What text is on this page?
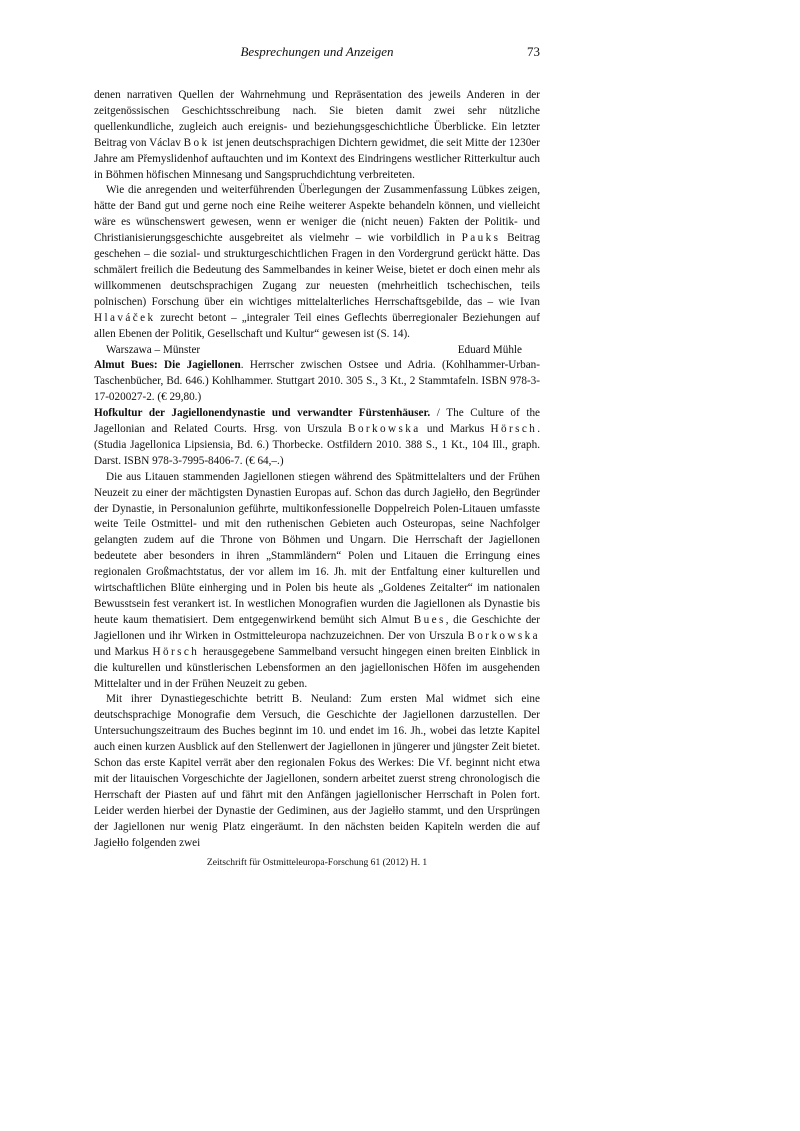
Besprechungen und Anzeigen	73

denen narrativen Quellen der Wahrnehmung und Repräsentation des jeweils Anderen in der zeitgenössischen Geschichtsschreibung nach. Sie bieten damit zwei sehr nützliche quellenkundliche, zugleich auch ereignis- und beziehungsgeschichtliche Überblicke. Ein letzter Beitrag von Václav Bok ist jenen deutschsprachigen Dichtern gewidmet, die seit Mitte der 1230er Jahre am Přemyslidenhof auftauchten und im Kontext des Eindringens westlicher Ritterkultur auch in Böhmen höfischen Minnesang und Sangspruchdichtung verbreiteten.

Wie die anregenden und weiterführenden Überlegungen der Zusammenfassung Lübkes zeigen, hätte der Band gut und gerne noch eine Reihe weiterer Aspekte behandeln können, und vielleicht wäre es wünschenswert gewesen, wenn er weniger die (nicht neuen) Fakten der Politik- und Christianisierungsgeschichte ausgebreitet als vielmehr – wie vorbildlich in Pauks Beitrag geschehen – die sozial- und strukturgeschichtlichen Fragen in den Vordergrund gerückt hätte. Das schmälert freilich die Bedeutung des Sammelbandes in keiner Weise, bietet er doch einen mehr als willkommenen deutschsprachigen Zugang zur neuesten (mehrheitlich tschechischen, teils polnischen) Forschung über ein wichtiges mittelalterliches Herrschaftsgebilde, das – wie Ivan Hlaváček zurecht betont – „integraler Teil eines Geflechts überregionaler Beziehungen auf allen Ebenen der Politik, Gesellschaft und Kultur“ gewesen ist (S. 14).

Warszawa – Münster	Eduard Mühle

Almut Bues: Die Jagiellonen. Herrscher zwischen Ostsee und Adria. (Kohlhammer-Urban-Taschenbücher, Bd. 646.) Kohlhammer. Stuttgart 2010. 305 S., 3 Kt., 2 Stammtafeln. ISBN 978-3-17-020027-2. (€ 29,80.)

Hofkultur der Jagiellonendynastie und verwandter Fürstenhäuser. / The Culture of the Jagellonian and Related Courts. Hrsg. von Urszula Borkowska und Markus Hörsch. (Studia Jagellonica Lipsiensia, Bd. 6.) Thorbecke. Ostfildern 2010. 388 S., 1 Kt., 104 Ill., graph. Darst. ISBN 978-3-7995-8406-7. (€ 64,–.)

Die aus Litauen stammenden Jagiellonen stiegen während des Spätmittelalters und der Frühen Neuzeit zu einer der mächtigsten Dynastien Europas auf. Schon das durch Jagiełło, den Begründer der Dynastie, in Personalunion geführte, multikonfessionelle Doppelreich Polen-Litauen umfasste weite Teile Ostmittel- und mit den ruthenischen Gebieten auch Osteuropas, seine Nachfolger gelangten zudem auf die Throne von Böhmen und Ungarn. Die Herrschaft der Jagiellonen bedeutete aber besonders in ihren „Stammländern“ Polen und Litauen die Erringung eines regionalen Großmachtstatus, der vor allem im 16. Jh. mit der Entfaltung einer kulturellen und wirtschaftlichen Blüte einherging und in Polen bis heute als „Goldenes Zeitalter“ im nationalen Bewusstsein fest verankert ist. In westlichen Monografien wurden die Jagiellonen als Dynastie bis heute kaum thematisiert. Dem entgegenwirkend bemüht sich Almut Bues, die Geschichte der Jagiellonen und ihr Wirken in Ostmitteleuropa nachzuzeichnen. Der von Urszula Borkowska und Markus Hörsch herausgegebene Sammelband versucht hingegen einen breiten Einblick in die kulturellen und künstlerischen Lebensformen an den jagiellonischen Höfen im ausgehenden Mittelalter und in der Frühen Neuzeit zu geben.

Mit ihrer Dynastiegeschichte betritt B. Neuland: Zum ersten Mal widmet sich eine deutschsprachige Monografie dem Versuch, die Geschichte der Jagiellonen darzustellen. Der Untersuchungszeitraum des Buches beginnt im 10. und endet im 16. Jh., wobei das letzte Kapitel auch einen kurzen Ausblick auf den Stellenwert der Jagiellonen in jüngerer und jüngster Zeit bietet. Schon das erste Kapitel verrät aber den regionalen Fokus des Werkes: Die Vf. beginnt nicht etwa mit der litauischen Vorgeschichte der Jagiellonen, sondern arbeitet zuerst streng chronologisch die Herrschaft der Piasten auf und fährt mit den Anfängen jagiellonischer Herrschaft in Polen fort. Leider werden hierbei der Dynastie der Gediminen, aus der Jagiełło stammt, und den Ursprüngen der Jagiellonen nur wenig Platz eingeräumt. In den nächsten beiden Kapiteln werden die auf Jagiełło folgenden zwei

Zeitschrift für Ostmitteleuropa-Forschung 61 (2012) H. 1
